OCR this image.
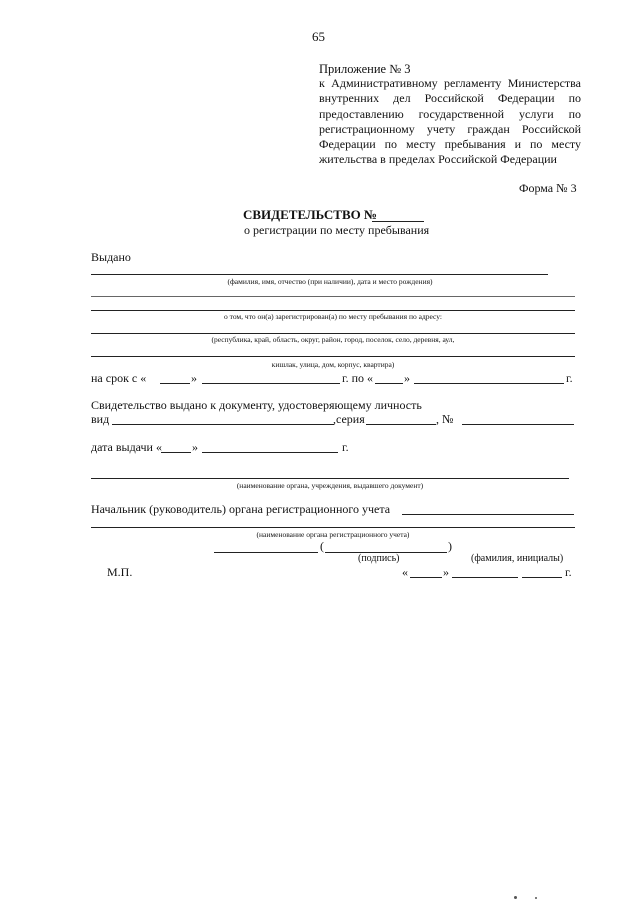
65
Приложение № 3
к Административному регламенту Министерства
внутренних дел Российской Федерации по
предоставлению государственной услуги по
регистрационному учету граждан Российской
Федерации по месту пребывания и по месту
жительства в пределах Российской Федерации
Форма № 3
СВИДЕТЕЛЬСТВО №
о регистрации по месту пребывания
Выдано
(фамилия, имя, отчество (при наличии), дата и место рождения)
о том, что он(а) зарегистрирован(а) по месту пребывания по адресу:
(республика, край, область, округ, район, город, поселок, село, деревня, аул,
кишлак, улица, дом, корпус, квартира)
на срок с «	»	г. по «	»	г.
Свидетельство выдано к документу, удостоверяющему личность
вид	,серия	, №
дата выдачи «	»	г.
(наименование органа, учреждения, выдавшего документ)
Начальник (руководитель) органа регистрационного учета
(наименование органа регистрационного учета)
(	)
(подпись)	(фамилия, инициалы)
М.П.	«	»	г.
